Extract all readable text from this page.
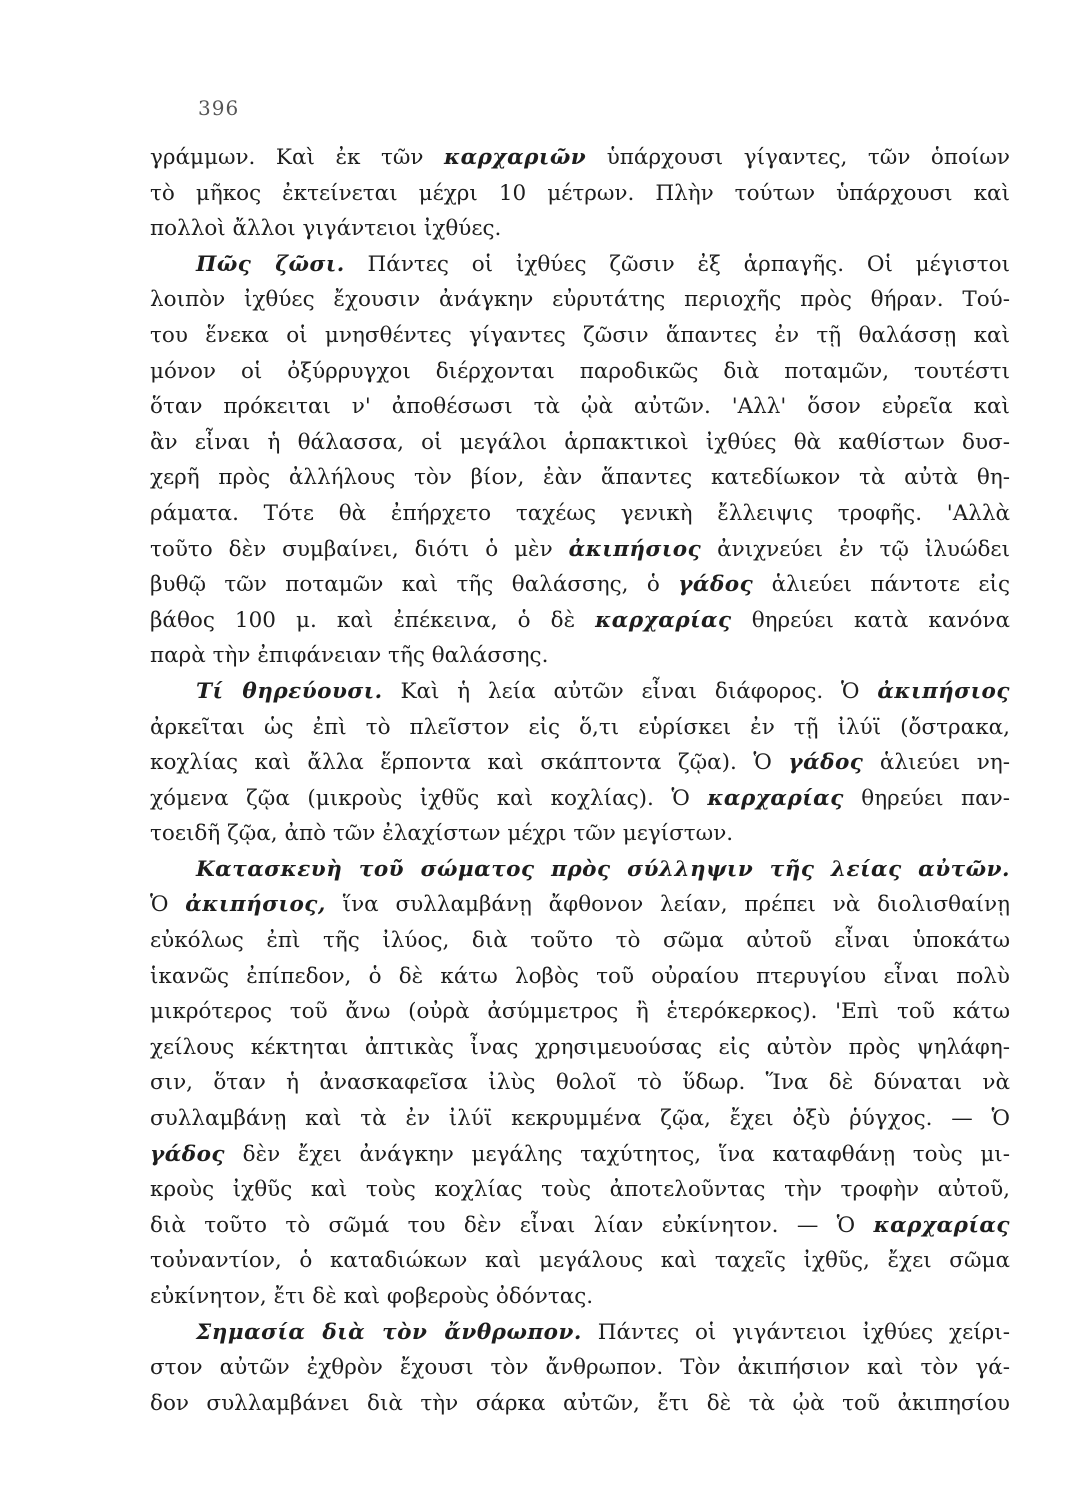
396
γράμμων. Καὶ ἐκ τῶν καρχαριῶν ὑπάρχουσι γίγαντες, τῶν ὁποίων
τὸ μῆκος ἐκτείνεται μέχρι 10 μέτρων. Πλὴν τούτων ὑπάρχουσι καὶ
πολλοὶ ἄλλοι γιγάντειοι ἰχθύες.
Πῶς ζῶσι. Πάντες οἱ ἰχθύες ζῶσιν ἐξ ἁρπαγῆς. Οἱ μέγιστοι
λοιπὸν ἰχθύες ἔχουσιν ἀνάγκην εὐρυτάτης περιοχῆς πρὸς θήραν. Τού-
του ἕνεκα οἱ μνησθέντες γίγαντες ζῶσιν ἅπαντες ἐν τῇ θαλάσσῃ καὶ
μόνον οἱ ὀξύρρυγχοι διέρχονται παροδικῶς διὰ ποταμῶν, τουτέστι
ὅταν πρόκειται ν' ἀποθέσωσι τὰ ᾠὰ αὐτῶν. 'Αλλ' ὅσον εὐρεῖα καὶ
ἂν εἶναι ἡ θάλασσα, οἱ μεγάλοι ἁρπακτικοὶ ἰχθύες θὰ καθίστων δυσ-
χερῆ πρὸς ἀλλήλους τὸν βίον, ἐὰν ἅπαντες κατεδίωκον τὰ αὐτὰ θη-
ράματα. Τότε θὰ ἐπήρχετο ταχέως γενικὴ ἔλλειψις τροφῆς. 'Αλλὰ
τοῦτο δὲν συμβαίνει, διότι ὁ μὲν ἀκιπήσιος ἀνιχνεύει ἐν τῷ ἰλυώδει
βυθῷ τῶν ποταμῶν καὶ τῆς θαλάσσης, ὁ γάδος ἁλιεύει πάντοτε εἰς
βάθος 100 μ. καὶ ἐπέκεινα, ὁ δὲ καρχαρίας θηρεύει κατὰ κανόνα
παρὰ τὴν ἐπιφάνειαν τῆς θαλάσσης.
Τί θηρεύουσι. Καὶ ἡ λεία αὐτῶν εἶναι διάφορος. Ὁ ἀκιπήσιος
ἀρκεῖται ὡς ἐπὶ τὸ πλεῖστον εἰς ὅ,τι εὑρίσκει ἐν τῇ ἰλύϊ (ὄστρακα,
κοχλίας καὶ ἄλλα ἕρποντα καὶ σκάπτοντα ζῷα). Ὁ γάδος ἁλιεύει νη-
χόμενα ζῷα (μικροὺς ἰχθῦς καὶ κοχλίας). Ὁ καρχαρίας θηρεύει παν-
τοειδῆ ζῷα, ἀπὸ τῶν ἐλαχίστων μέχρι τῶν μεγίστων.
Κατασκευὴ τοῦ σώματος πρὸς σύλληψιν τῆς λείας αὐτῶν.
Ὁ ἀκιπήσιος, ἵνα συλλαμβάνῃ ἄφθονον λείαν, πρέπει νὰ διολισθαίνῃ
εὐκόλως ἐπὶ τῆς ἰλύος, διὰ τοῦτο τὸ σῶμα αὐτοῦ εἶναι ὑποκάτω
ἱκανῶς ἐπίπεδον, ὁ δὲ κάτω λοβὸς τοῦ οὐραίου πτερυγίου εἶναι πολὺ
μικρότερος τοῦ ἄνω (οὐρὰ ἀσύμμετρος ἢ ἑτερόκερκος). 'Επὶ τοῦ κάτω
χείλους κέκτηται ἀπτικὰς ἶνας χρησιμευούσας εἰς αὐτὸν πρὸς ψηλάφη-
σιν, ὅταν ἡ ἀνασκαφεῖσα ἰλὺς θολοῖ τὸ ὕδωρ. Ἵνα δὲ δύναται νὰ
συλλαμβάνῃ καὶ τὰ ἐν ἰλύϊ κεκρυμμένα ζῷα, ἔχει ὀξὺ ῥύγχος. — Ὁ
γάδος δὲν ἔχει ἀνάγκην μεγάλης ταχύτητος, ἵνα καταφθάνῃ τοὺς μι-
κροὺς ἰχθῦς καὶ τοὺς κοχλίας τοὺς ἀποτελοῦντας τὴν τροφὴν αὐτοῦ,
διὰ τοῦτο τὸ σῶμά του δὲν εἶναι λίαν εὐκίνητον. — Ὁ καρχαρίας
τοὐναντίον, ὁ καταδιώκων καὶ μεγάλους καὶ ταχεῖς ἰχθῦς, ἔχει σῶμα
εὐκίνητον, ἔτι δὲ καὶ φοβεροὺς ὀδόντας.
Σημασία διὰ τὸν ἄνθρωπον. Πάντες οἱ γιγάντειοι ἰχθύες χείρι-
στον αὐτῶν ἐχθρὸν ἔχουσι τὸν ἄνθρωπον. Τὸν ἀκιπήσιον καὶ τὸν γά-
δον συλλαμβάνει διὰ τὴν σάρκα αὐτῶν, ἔτι δὲ τὰ ᾠὰ τοῦ ἀκιπησίου
